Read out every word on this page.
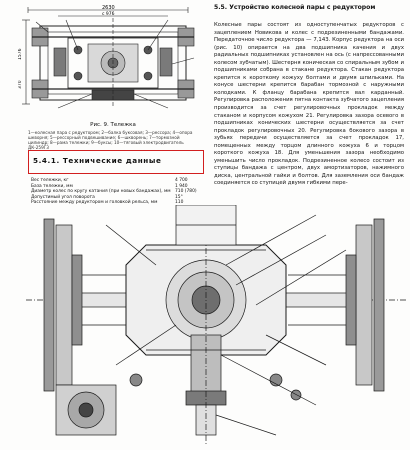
2630
с 976
1576
370
Рис. 9. Тележка
1—колесная пара с редуктором; 2—балка буксовая; 3—рессора; 4—опора шкворня; 5—рессорный подвешивание; 6—шкворень; 7—тормозной цилиндр; 8—рама тележки; 9—буксы; 10—тяговый электродвигатель ДК-259Г3
5.4.1. Технические данные
Вес тележки, кг	4 700
База тележки, мм	1 940
Диаметр колес по кругу катания (при новых бандажах), мм 710 (780)
Допустимый угол поворота	15°
Расстояние между редуктором и головкой рельса, мм	110
5.5. Устройство колесной пары с редуктором
Колесные пары состоят из одноступенчатых редукторов с зацеплением Новикова и колес с подрезиненными бандажами. Передаточное число редуктора — 7,143. Корпус редуктора на оси (рис. 10) опирается на два подшипника качения и двух радиальных подшипниках установлен на ось (с напрессованными колесом зубчатым). Шестерня коническая со спиральным зубом и подшипниками собрана в стакане редуктора. Стакан редуктора крепится к короткому кожуху болтами и двумя шпильками. На конусе шестерни крепится барабан тормозной с наружными колодками. К фланцу барабана крепится вал карданный. Регулировка расположения пятна контакта зубчатого зацепления производится за счет регулировочных прокладок между стаканом и корпусом кожухом 21. Регулировка зазора осевого в подшипниках конических шестерни осуществляется за счет прокладок регулировочных 20. Регулировка бокового зазора в зубьях передачи осуществляется за счет прокладок 17, помещенных между торцом длинного кожуха 6 и торцом короткого кожуха 18. Для уменьшения зазора необходимо уменьшить число прокладок. Подрезиненное колесо состоит из ступицы бандажа с центром, двух амортизаторов, нажимного диска, центральной гайки и болтов. Для заземления оси бандаж соединяется со ступицей двумя гибкими пере-
